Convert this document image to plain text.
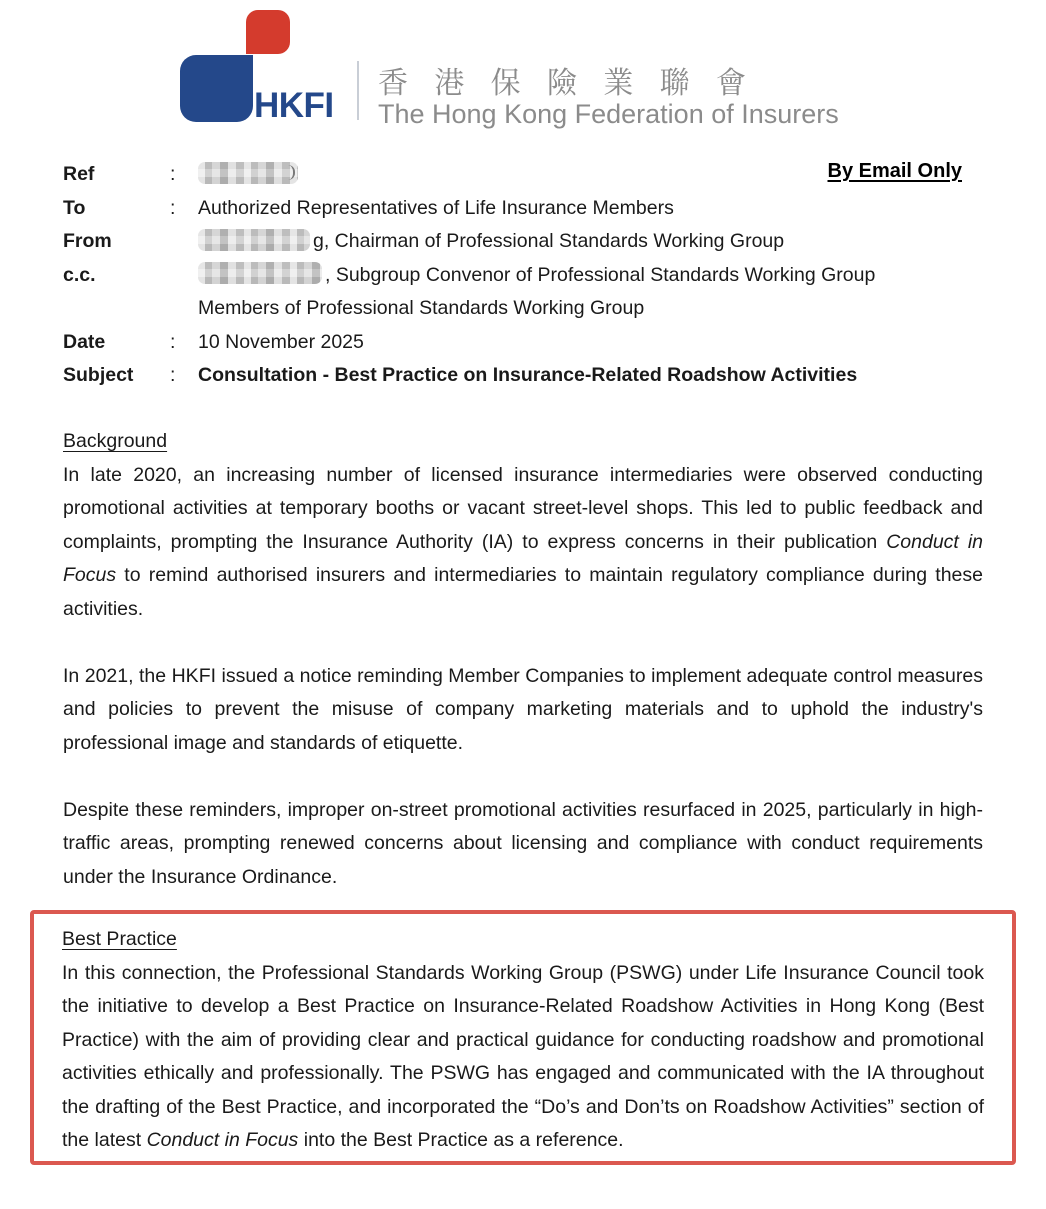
HKFI
香 港 保 險 業 聯 會
The Hong Kong Federation of Insurers
By Email Only
Ref	:
To	:	Authorized Representatives of Life Insurance Members
From	g, Chairman of Professional Standards Working Group
c.c.	, Subgroup Convenor of Professional Standards Working Group
Members of Professional Standards Working Group
Date	:	10 November 2025
Subject	:	Consultation - Best Practice on Insurance-Related Roadshow Activities
Background

In late 2020, an increasing number of licensed insurance intermediaries were observed conducting promotional activities at temporary booths or vacant street-level shops. This led to public feedback and complaints, prompting the Insurance Authority (IA) to express concerns in their publication Conduct in Focus to remind authorised insurers and intermediaries to maintain regulatory compliance during these activities.

In 2021, the HKFI issued a notice reminding Member Companies to implement adequate control measures and policies to prevent the misuse of company marketing materials and to uphold the industry's professional image and standards of etiquette.

Despite these reminders, improper on-street promotional activities resurfaced in 2025, particularly in high-traffic areas, prompting renewed concerns about licensing and compliance with conduct requirements under the Insurance Ordinance.

Best Practice

In this connection, the Professional Standards Working Group (PSWG) under Life Insurance Council took the initiative to develop a Best Practice on Insurance-Related Roadshow Activities in Hong Kong (Best Practice) with the aim of providing clear and practical guidance for conducting roadshow and promotional activities ethically and professionally. The PSWG has engaged and communicated with the IA throughout the drafting of the Best Practice, and incorporated the “Do’s and Don’ts on Roadshow Activities” section of the latest Conduct in Focus into the Best Practice as a reference.
